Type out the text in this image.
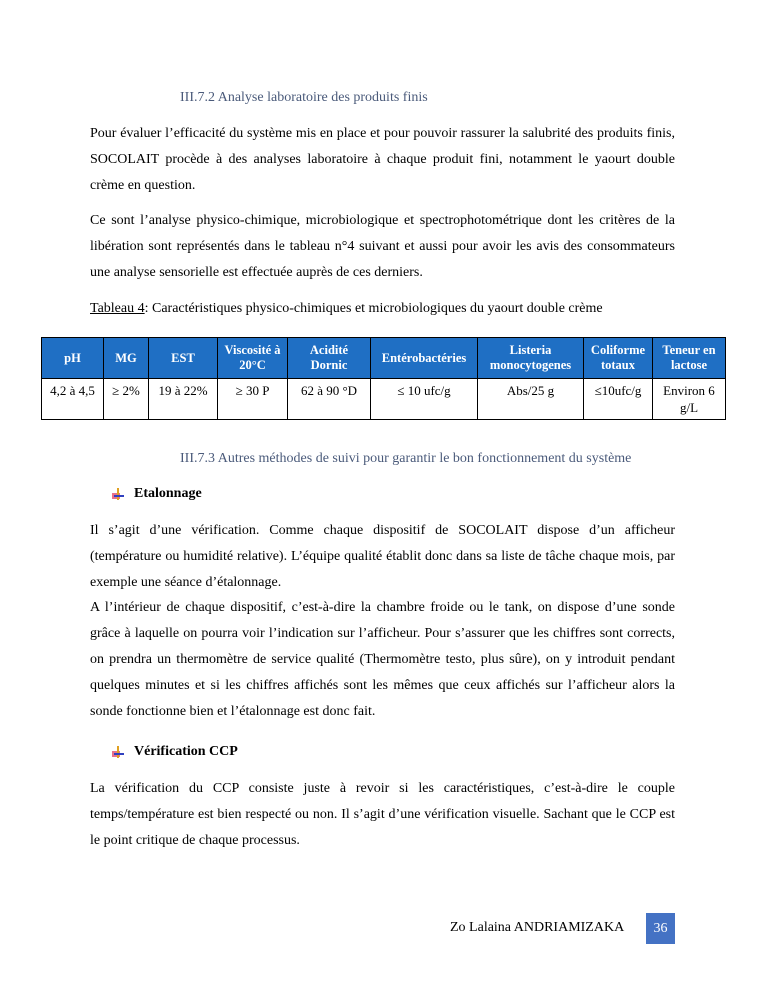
III.7.2 Analyse laboratoire des produits finis
Pour évaluer l’efficacité du système mis en place et pour pouvoir rassurer la salubrité des produits finis, SOCOLAIT procède à des analyses laboratoire à chaque produit fini, notamment le yaourt double crème en question.
Ce sont l’analyse physico-chimique, microbiologique et spectrophotométrique dont les critères de la libération sont représentés dans le tableau n°4 suivant et aussi pour avoir les avis des consommateurs une analyse sensorielle est effectuée auprès de ces derniers.
Tableau 4: Caractéristiques physico-chimiques et microbiologiques du yaourt double crème
pH	MG	EST	Viscosité à 20°C	Acidité Dornic	Entérobactéries	Listeria monocytogenes	Coliforme totaux	Teneur en lactose
4,2 à 4,5	≥ 2%	19 à 22%	≥ 30 P	62 à 90 °D	≤ 10 ufc/g	Abs/25 g	≤10ufc/g	Environ 6 g/L
III.7.3 Autres méthodes de suivi pour garantir le bon fonctionnement du système
Etalonnage
Il s’agit d’une vérification. Comme chaque dispositif de SOCOLAIT dispose d’un afficheur (température ou humidité relative). L’équipe qualité établit donc dans sa liste de tâche chaque mois, par exemple une séance d’étalonnage.
A l’intérieur de chaque dispositif, c’est-à-dire la chambre froide ou le tank, on dispose d’une sonde grâce à laquelle on pourra voir l’indication sur l’afficheur. Pour s’assurer que les chiffres sont corrects, on prendra un thermomètre de service qualité (Thermomètre testo, plus sûre), on y introduit pendant quelques minutes et si les chiffres affichés sont les mêmes que ceux affichés sur l’afficheur alors la sonde fonctionne bien et l’étalonnage est donc fait.
Vérification CCP
La vérification du CCP consiste juste à revoir si les caractéristiques, c’est-à-dire le couple temps/température est bien respecté ou non. Il s’agit d’une vérification visuelle. Sachant que le CCP est le point critique de chaque processus.
Zo Lalaina ANDRIAMIZAKA	36
